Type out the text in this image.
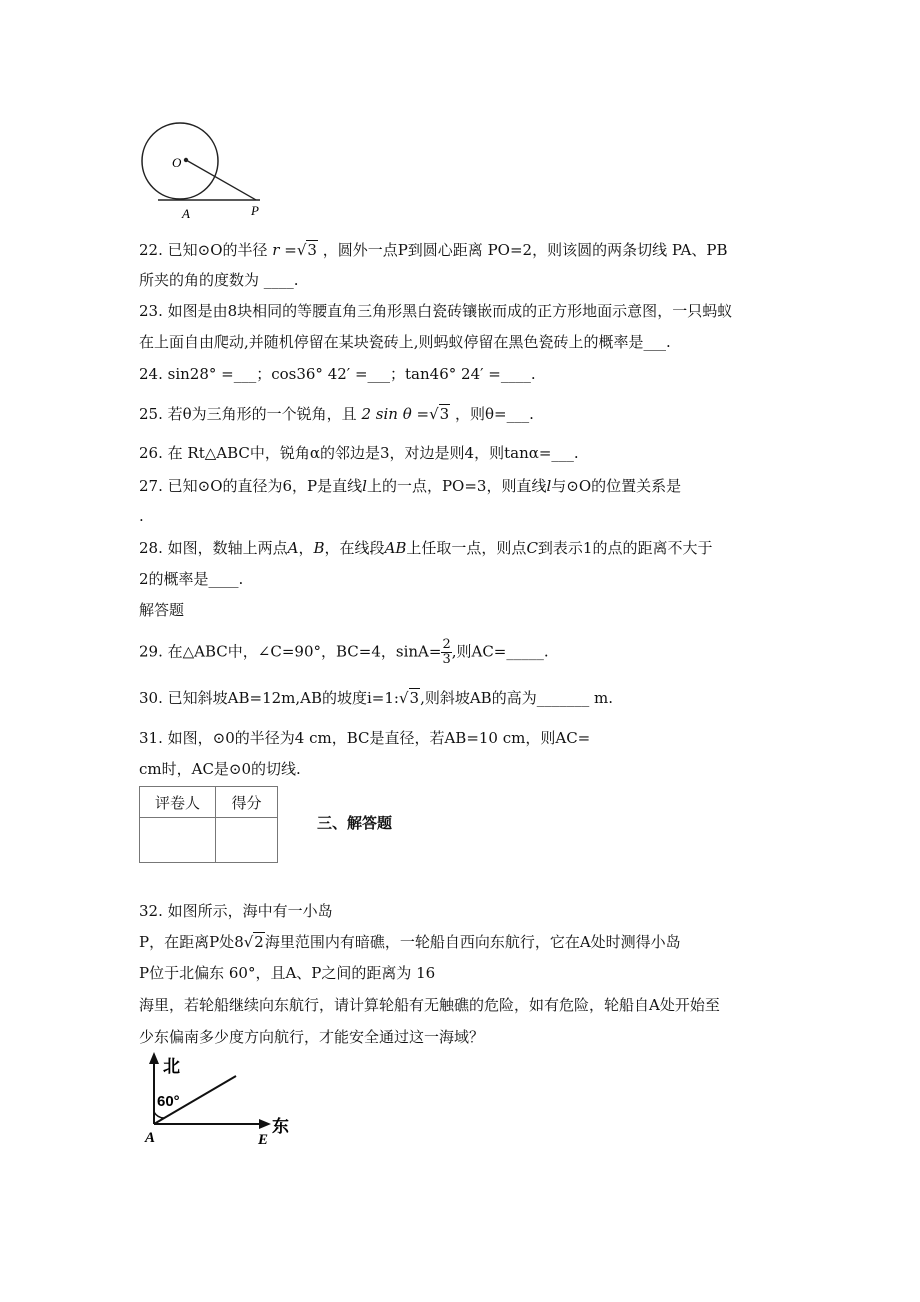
O
A	P
22. 已知⊙O的半径 r =√3 ，圆外一点P到圆心距离 PO=2，则该圆的两条切线 PA、PB
所夹的角的度数为 ____.
23. 如图是由8块相同的等腰直角三角形黑白瓷砖镶嵌而成的正方形地面示意图，一只蚂蚁
在上面自由爬动,并随机停留在某块瓷砖上,则蚂蚁停留在黑色瓷砖上的概率是___.
24. sin28° =___；cos36° 42′ =___；tan46° 24′ =____.
25. 若θ为三角形的一个锐角，且 2 sin θ =√3 ，则θ=___.
26. 在 Rt△ABC中，锐角α的邻边是3，对边是则4，则tanα=___.
27. 已知⊙O的直径为6，P是直线l上的一点，PO=3，则直线l与⊙O的位置关系是
.
28. 如图，数轴上两点A，B，在线段AB上任取一点，则点C到表示1的点的距离不大于
2的概率是____.
解答题
29. 在△ABC中，∠C=90°，BC=4，$\sin A= \frac{2}{3}$ ,则AC=_____.
30. 已知斜坡AB=12m,AB的坡度i=1:√3,则斜坡AB的高为_______ m.
31. 如图，⊙0的半径为4 cm，BC是直径，若AB=10 cm，则AC=
cm时，AC是⊙0的切线.
评卷人	得分

三、解答题
32. 如图所示，海中有一小岛
P，在距离P处8√2海里范围内有暗礁，一轮船自西向东航行，它在A处时测得小岛
P位于北偏东 60°，且A、P之间的距离为 16
海里，若轮船继续向东航行，请计算轮船有无触礁的危险，如有危险，轮船自A处开始至
少东偏南多少度方向航行，才能安全通过这一海域？
北
60°
东
A	E
